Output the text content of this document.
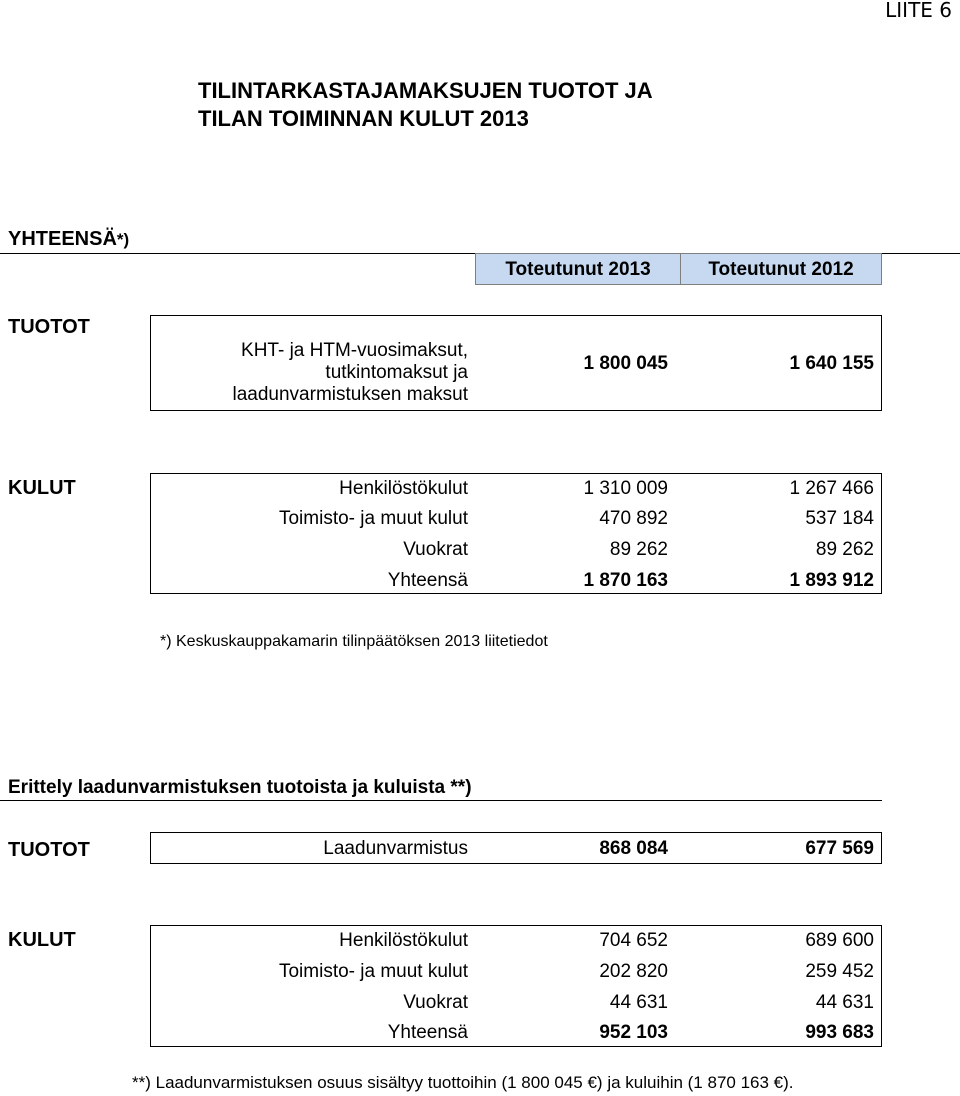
LIITE 6
TILINTARKASTAJAMAKSUJEN TUOTOT JA
TILAN TOIMINNAN KULUT 2013
YHTEENSÄ*)
Toteutunut 2013	Toteutunut 2012
TUOTOT
KHT- ja HTM-vuosimaksut,
tutkintomaksut ja
laadunvarmistuksen maksut
1 800 045	1 640 155
KULUT	Henkilöstökulut	1 310 009	1 267 466
Toimisto- ja muut kulut	470 892	537 184
Vuokrat	89 262	89 262
Yhteensä	1 870 163	1 893 912
*) Keskuskauppakamarin tilinpäätöksen 2013 liitetiedot
Erittely laadunvarmistuksen tuotoista ja kuluista **)
TUOTOT	Laadunvarmistus	868 084	677 569
KULUT	Henkilöstökulut	704 652	689 600
Toimisto- ja muut kulut	202 820	259 452
Vuokrat	44 631	44 631
Yhteensä	952 103	993 683
**) Laadunvarmistuksen osuus sisältyy tuottoihin (1 800 045 €) ja kuluihin (1 870 163 €).
